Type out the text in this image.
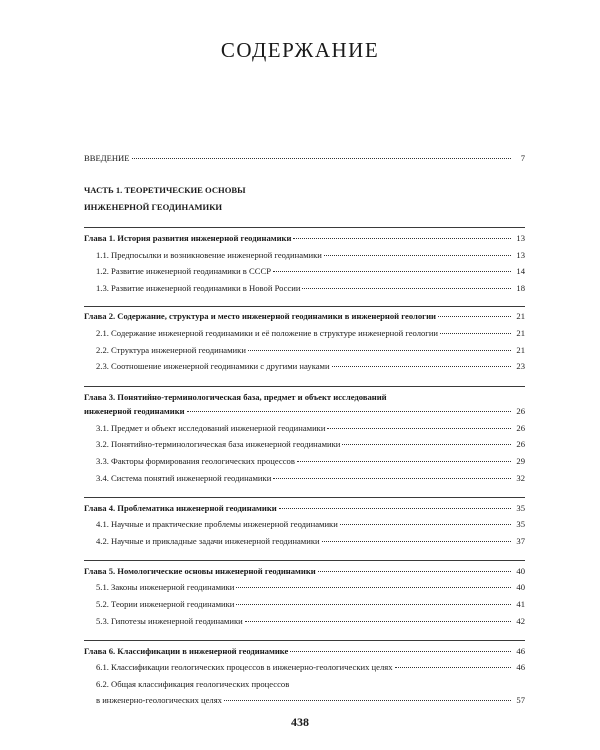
СОДЕРЖАНИЕ
ВВЕДЕНИЕ	7
ЧАСТЬ 1. ТЕОРЕТИЧЕСКИЕ ОСНОВЫ
ИНЖЕНЕРНОЙ ГЕОДИНАМИКИ
Глава 1. История развития инженерной геодинамики	13
1.1. Предпосылки и возникновение инженерной геодинамики	13
1.2. Развитие инженерной геодинамики в СССР	14
1.3. Развитие инженерной геодинамики в Новой России	18
Глава 2. Содержание, структура и место инженерной геодинамики в инженерной геологии	21
2.1. Содержание инженерной геодинамики и её положение в структуре инженерной геологии	21
2.2. Структура инженерной геодинамики	21
2.3. Соотношение инженерной геодинамики с другими науками	23
Глава 3. Понятийно-терминологическая база, предмет и объект исследований
инженерной геодинамики	26
3.1. Предмет и объект исследований инженерной геодинамики	26
3.2. Понятийно-терминологическая база инженерной геодинамики	26
3.3. Факторы формирования геологических процессов	29
3.4. Система понятий инженерной геодинамики	32
Глава 4. Проблематика инженерной геодинамики	35
4.1. Научные и практические проблемы инженерной геодинамики	35
4.2. Научные и прикладные задачи инженерной геодинамики	37
Глава 5. Номологические основы инженерной геодинамики	40
5.1. Законы инженерной геодинамики	40
5.2. Теории инженерной геодинамики	41
5.3. Гипотезы инженерной геодинамики	42
Глава 6. Классификации в инженерной геодинамике	46
6.1. Классификации геологических процессов в инженерно-геологических целях	46
6.2. Общая классификация геологических процессов
в инженерно-геологических целях	57
438
